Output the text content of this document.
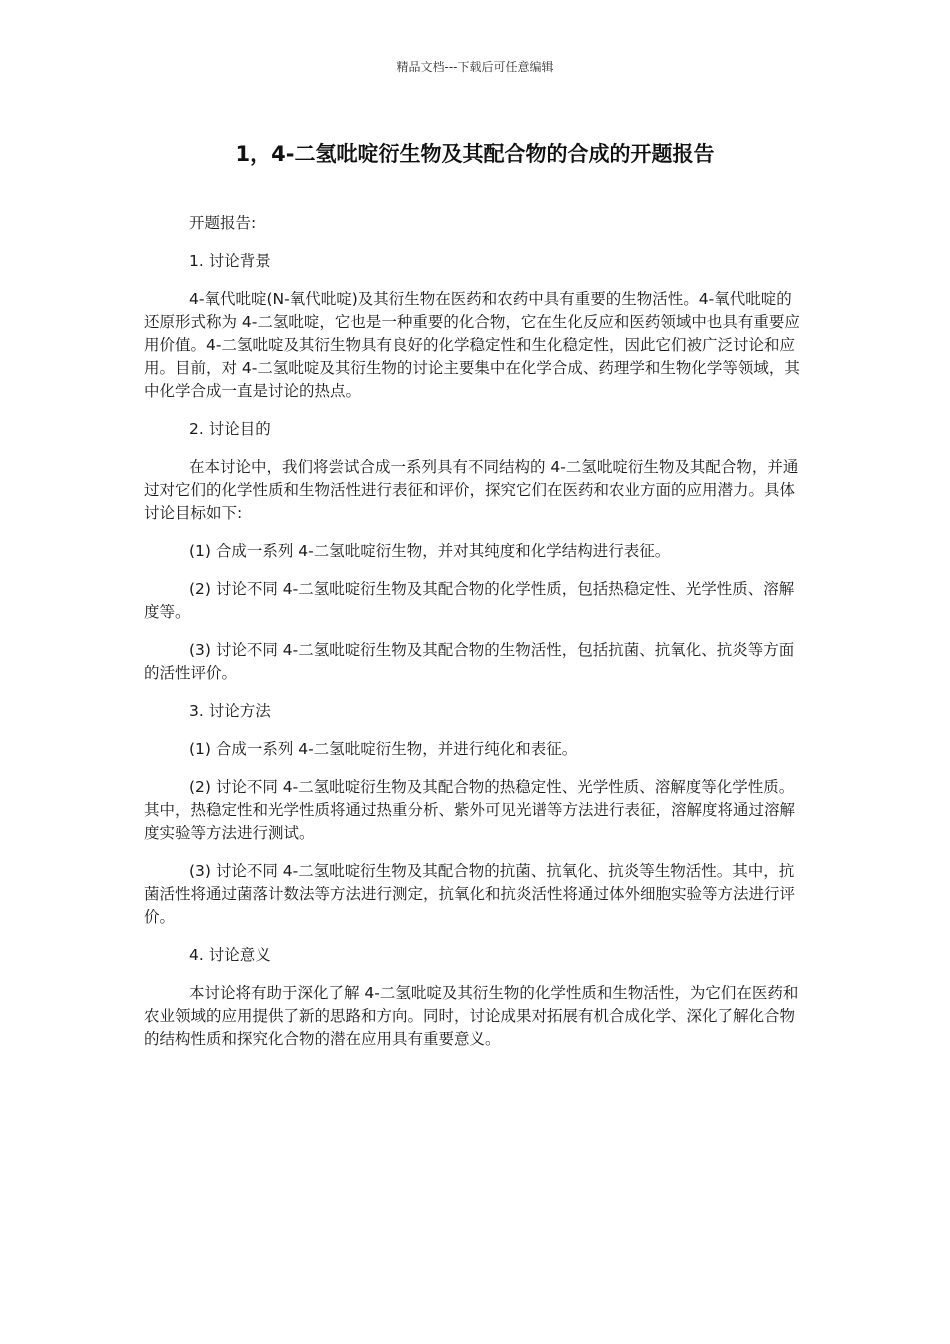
精品文档---下载后可任意编辑
1，4-二氢吡啶衍生物及其配合物的合成的开题报告

开题报告:

1. 讨论背景

4-氧代吡啶(N-氧代吡啶)及其衍生物在医药和农药中具有重要的生物活性。4-氧代吡啶的还原形式称为 4-二氢吡啶，它也是一种重要的化合物，它在生化反应和医药领域中也具有重要应用价值。4-二氢吡啶及其衍生物具有良好的化学稳定性和生化稳定性，因此它们被广泛讨论和应用。目前，对 4-二氢吡啶及其衍生物的讨论主要集中在化学合成、药理学和生物化学等领域，其中化学合成一直是讨论的热点。

2. 讨论目的

在本讨论中，我们将尝试合成一系列具有不同结构的 4-二氢吡啶衍生物及其配合物，并通过对它们的化学性质和生物活性进行表征和评价，探究它们在医药和农业方面的应用潜力。具体讨论目标如下:

(1) 合成一系列 4-二氢吡啶衍生物，并对其纯度和化学结构进行表征。

(2) 讨论不同 4-二氢吡啶衍生物及其配合物的化学性质，包括热稳定性、光学性质、溶解度等。

(3) 讨论不同 4-二氢吡啶衍生物及其配合物的生物活性，包括抗菌、抗氧化、抗炎等方面的活性评价。

3. 讨论方法

(1) 合成一系列 4-二氢吡啶衍生物，并进行纯化和表征。

(2) 讨论不同 4-二氢吡啶衍生物及其配合物的热稳定性、光学性质、溶解度等化学性质。其中，热稳定性和光学性质将通过热重分析、紫外可见光谱等方法进行表征，溶解度将通过溶解度实验等方法进行测试。

(3) 讨论不同 4-二氢吡啶衍生物及其配合物的抗菌、抗氧化、抗炎等生物活性。其中，抗菌活性将通过菌落计数法等方法进行测定，抗氧化和抗炎活性将通过体外细胞实验等方法进行评价。

4. 讨论意义

本讨论将有助于深化了解 4-二氢吡啶及其衍生物的化学性质和生物活性，为它们在医药和农业领域的应用提供了新的思路和方向。同时，讨论成果对拓展有机合成化学、深化了解化合物的结构性质和探究化合物的潜在应用具有重要意义。
